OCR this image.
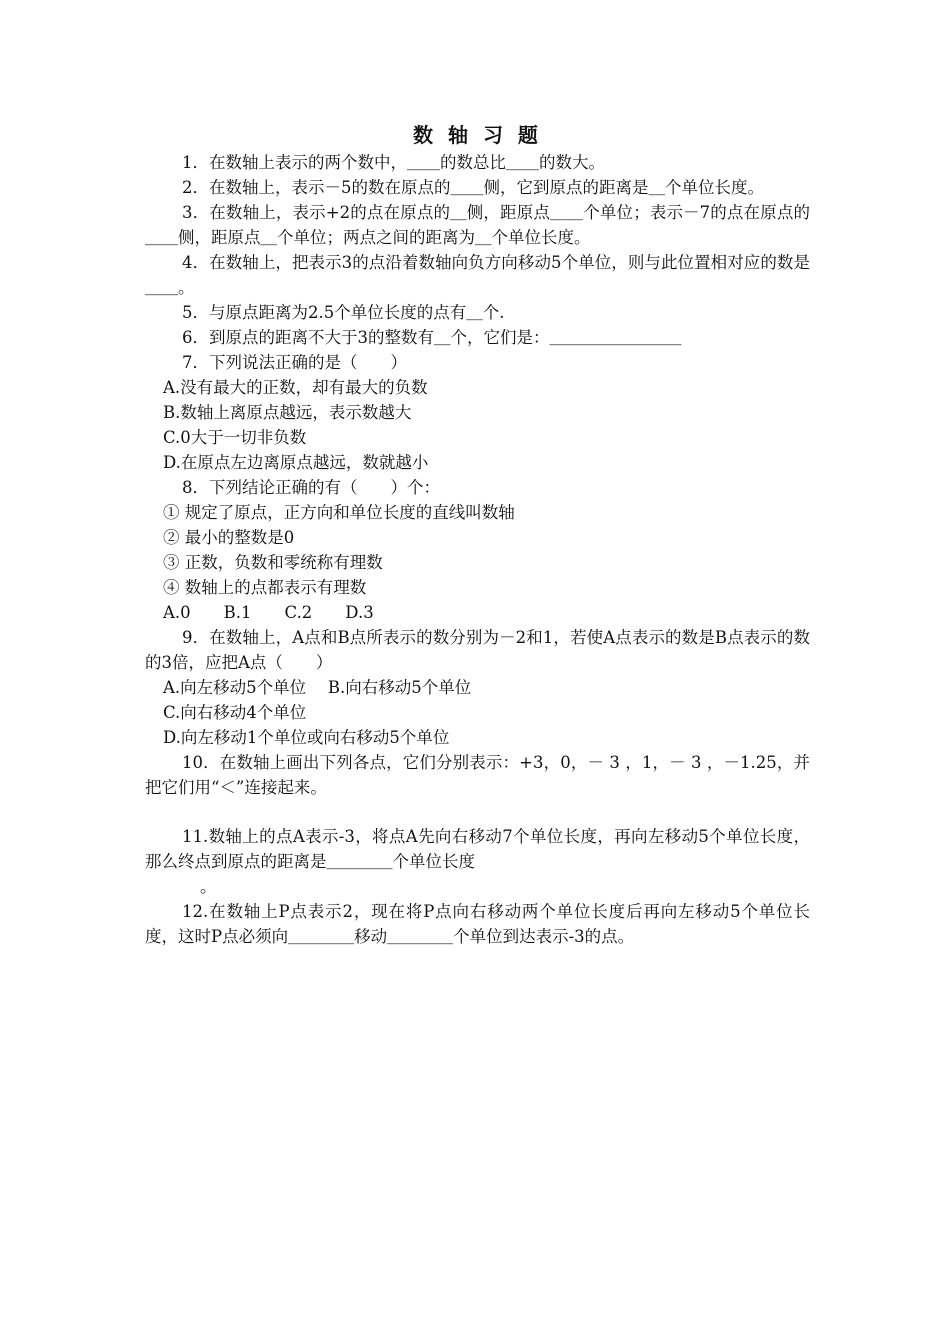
数 轴 习 题
1．在数轴上表示的两个数中，＿＿的数总比＿＿的数大。
2．在数轴上，表示－5的数在原点的＿＿侧，它到原点的距离是＿个单位长度。
3．在数轴上，表示+2的点在原点的＿侧，距原点＿＿个单位；表示－7的点在原点的＿＿侧，距原点＿个单位；两点之间的距离为＿个单位长度。
4．在数轴上，把表示3的点沿着数轴向负方向移动5个单位，则与此位置相对应的数是＿＿。
5．与原点距离为2.5个单位长度的点有＿个.
6．到原点的距离不大于3的整数有＿个，它们是：＿＿＿＿＿＿＿＿
7．下列说法正确的是（　　）
A.没有最大的正数，却有最大的负数
B.数轴上离原点越远，表示数越大
C.0大于一切非负数
D.在原点左边离原点越远，数就越小
8．下列结论正确的有（　　）个：
① 规定了原点，正方向和单位长度的直线叫数轴
② 最小的整数是0
③ 正数，负数和零统称有理数
④ 数轴上的点都表示有理数
A.0　　B.1　　C.2　　D.3
9．在数轴上，A点和B点所表示的数分别为－2和1，若使A点表示的数是B点表示的数的3倍，应把A点（　　）
A.向左移动5个单位　 B.向右移动5个单位
C.向右移动4个单位
D.向左移动1个单位或向右移动5个单位
10．在数轴上画出下列各点，它们分别表示：+3，0，－ 3 ，1，－ 3 ，－1.25，并把它们用“＜”连接起来。
11.数轴上的点A表示-3，将点A先向右移动7个单位长度，再向左移动5个单位长度，那么终点到原点的距离是＿＿＿＿个单位长度
。
12.在数轴上P点表示2，现在将P点向右移动两个单位长度后再向左移动5个单位长度，这时P点必须向＿＿＿＿移动＿＿＿＿个单位到达表示-3的点。
